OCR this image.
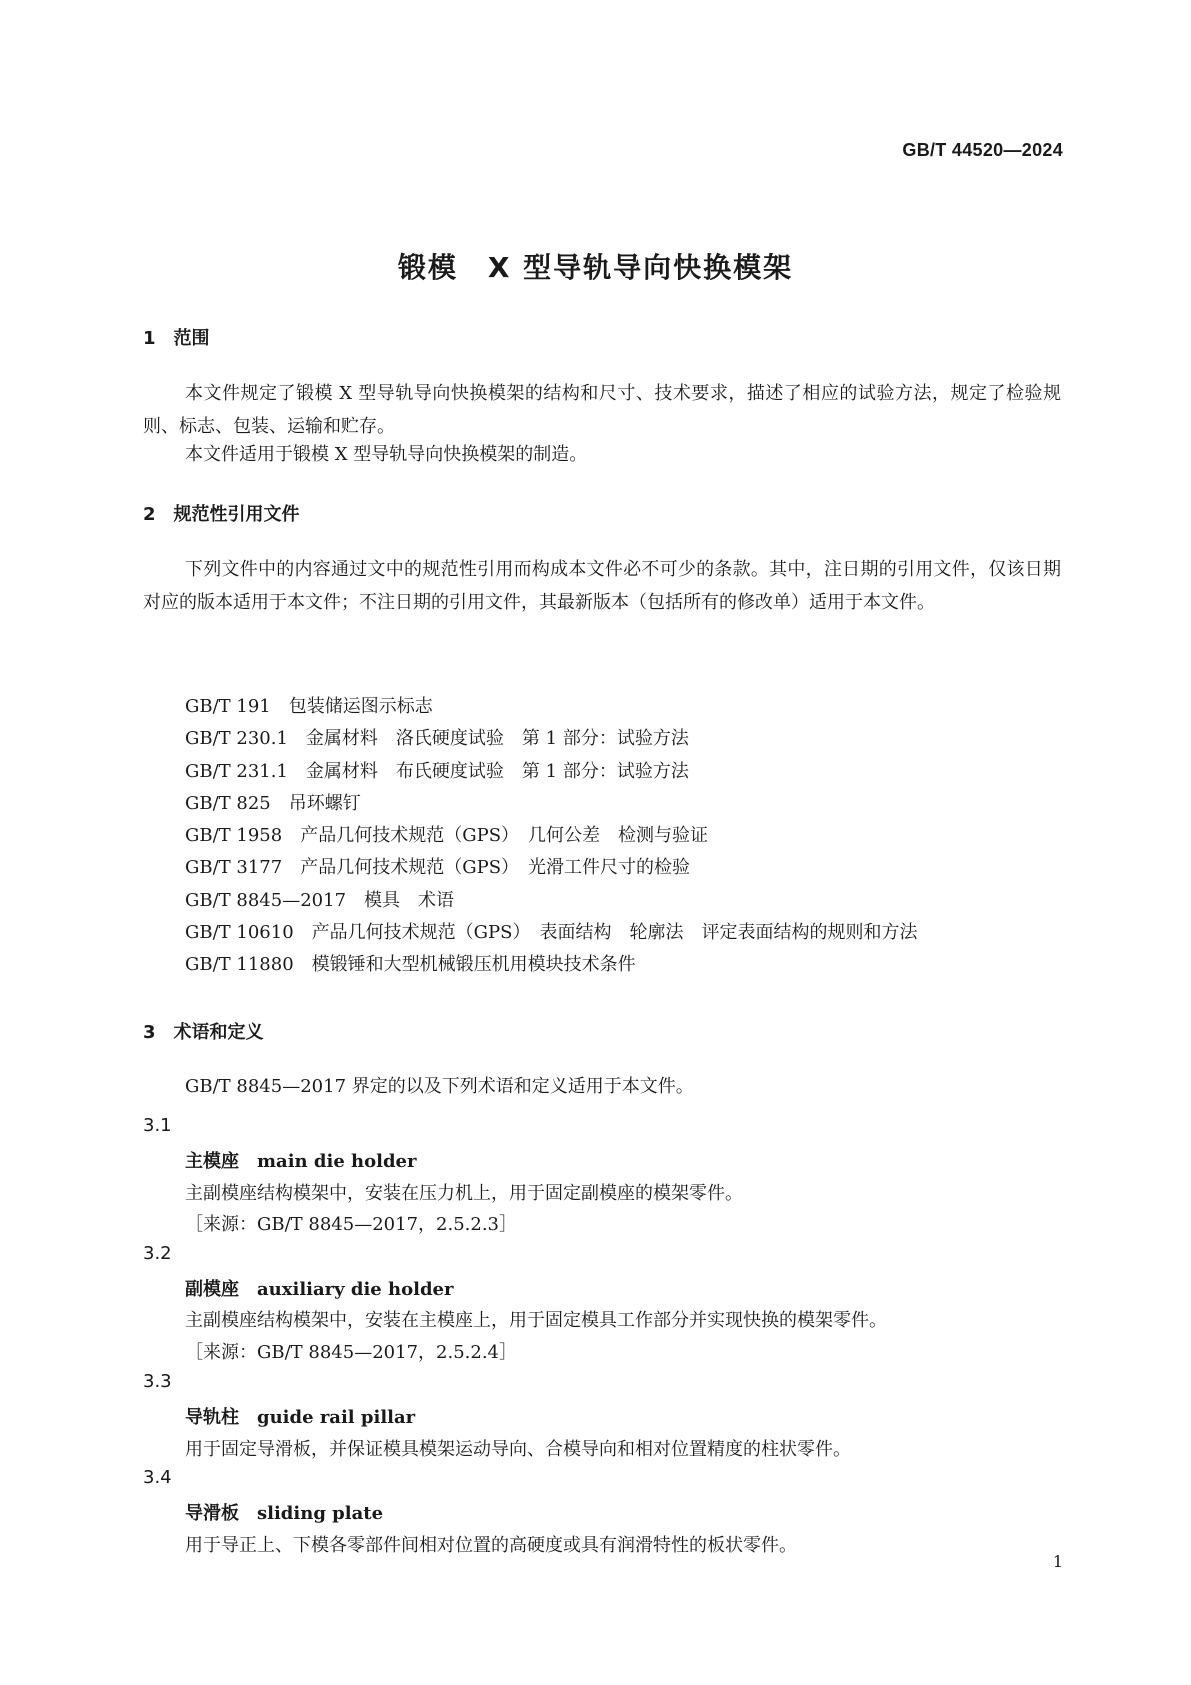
GB/T 44520—2024
锻模　X 型导轨导向快换模架
1　范围

本文件规定了锻模 X 型导轨导向快换模架的结构和尺寸、技术要求，描述了相应的试验方法，规定了检验规则、标志、包装、运输和贮存。

本文件适用于锻模 X 型导轨导向快换模架的制造。
2　规范性引用文件

下列文件中的内容通过文中的规范性引用而构成本文件必不可少的条款。其中，注日期的引用文件，仅该日期对应的版本适用于本文件；不注日期的引用文件，其最新版本（包括所有的修改单）适用于本文件。

GB/T 191　包装储运图示标志
GB/T 230.1　金属材料　洛氏硬度试验　第 1 部分：试验方法
GB/T 231.1　金属材料　布氏硬度试验　第 1 部分：试验方法
GB/T 825　吊环螺钉
GB/T 1958　产品几何技术规范（GPS）　几何公差　检测与验证
GB/T 3177　产品几何技术规范（GPS）　光滑工件尺寸的检验
GB/T 8845—2017　模具　术语
GB/T 10610　产品几何技术规范（GPS）　表面结构　轮廓法　评定表面结构的规则和方法
GB/T 11880　模锻锤和大型机械锻压机用模块技术条件
3　术语和定义
GB/T 8845—2017 界定的以及下列术语和定义适用于本文件。
3.1
主模座　 main die holder
主副模座结构模架中，安装在压力机上，用于固定副模座的模架零件。
［来源：GB/T 8845—2017，2.5.2.3］
3.2
副模座　 auxiliary die holder
主副模座结构模架中，安装在主模座上，用于固定模具工作部分并实现快换的模架零件。
［来源：GB/T 8845—2017，2.5.2.4］
3.3
导轨柱　 guide rail pillar
用于固定导滑板，并保证模具模架运动导向、合模导向和相对位置精度的柱状零件。
3.4
导滑板　 sliding plate
用于导正上、下模各零部件间相对位置的高硬度或具有润滑特性的板状零件。
1
